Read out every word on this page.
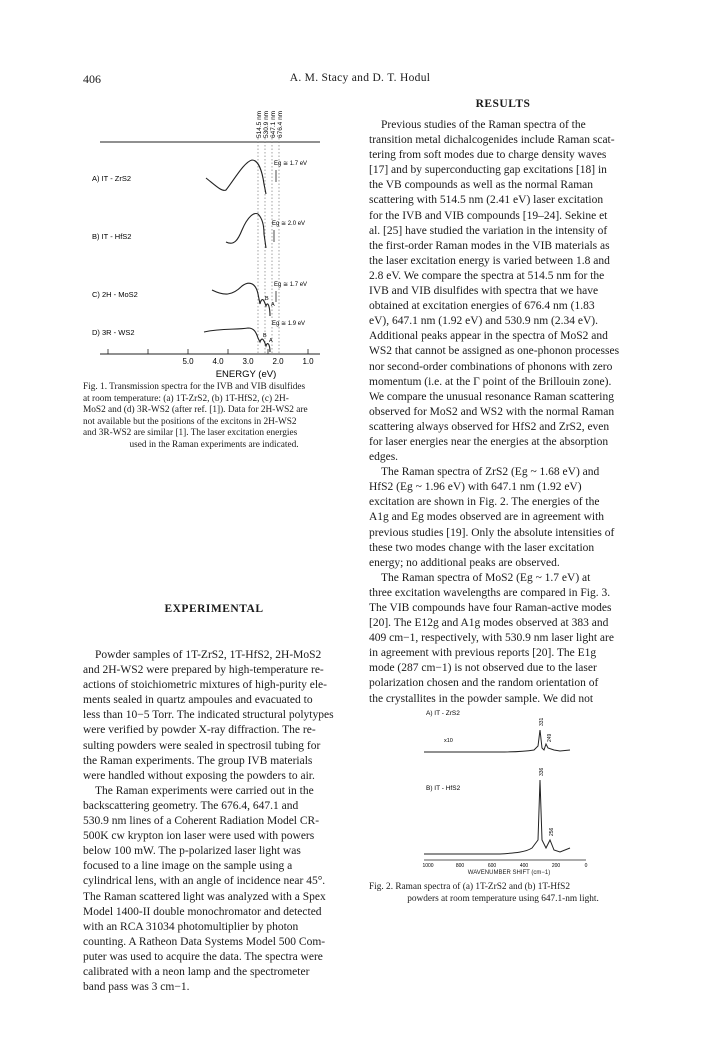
406	A. M. Stacy and D. T. Hodul
514.5 nm 530.9 nm 647.1 nm 676.4 nm
A) IT - ZrS2
Eg ≅ 1.7 eV
B) IT - HfS2
Eg ≅ 2.0 eV
C) 2H - MoS2
Eg ≅ 1.7 eV
B
A
D) 3R - WS2
Eg ≅ 1.9 eV
B
A
5.0 4.0 3.0 2.0 1.0
ENERGY (eV)
Fig. 1. Transmission spectra for the IVB and VIB disulfides
at room temperature: (a) 1T-ZrS2, (b) 1T-HfS2, (c) 2H-
MoS2 and (d) 3R-WS2 (after ref. [1]). Data for 2H-WS2 are
not available but the positions of the excitons in 2H-WS2
and 3R-WS2 are similar [1]. The laser excitation energies
used in the Raman experiments are indicated.
EXPERIMENTAL
Powder samples of 1T-ZrS2, 1T-HfS2, 2H-MoS2
and 2H-WS2 were prepared by high-temperature re-
actions of stoichiometric mixtures of high-purity ele-
ments sealed in quartz ampoules and evacuated to
less than 10−5 Torr. The indicated structural polytypes
were verified by powder X-ray diffraction. The re-
sulting powders were sealed in spectrosil tubing for
the Raman experiments. The group IVB materials
were handled without exposing the powders to air.
The Raman experiments were carried out in the
backscattering geometry. The 676.4, 647.1 and
530.9 nm lines of a Coherent Radiation Model CR-
500K cw krypton ion laser were used with powers
below 100 mW. The p-polarized laser light was
focused to a line image on the sample using a
cylindrical lens, with an angle of incidence near 45°.
The Raman scattered light was analyzed with a Spex
Model 1400-II double monochromator and detected
with an RCA 31034 photomultiplier by photon
counting. A Ratheon Data Systems Model 500 Com-
puter was used to acquire the data. The spectra were
calibrated with a neon lamp and the spectrometer
band pass was 3 cm−1.
RESULTS
Previous studies of the Raman spectra of the
transition metal dichalcogenides include Raman scat-
tering from soft modes due to charge density waves
[17] and by superconducting gap excitations [18] in
the VB compounds as well as the normal Raman
scattering with 514.5 nm (2.41 eV) laser excitation
for the IVB and VIB compounds [19–24]. Sekine et
al. [25] have studied the variation in the intensity of
the first-order Raman modes in the VIB materials as
the laser excitation energy is varied between 1.8 and
2.8 eV. We compare the spectra at 514.5 nm for the
IVB and VIB disulfides with spectra that we have
obtained at excitation energies of 676.4 nm (1.83
eV), 647.1 nm (1.92 eV) and 530.9 nm (2.34 eV).
Additional peaks appear in the spectra of MoS2 and
WS2 that cannot be assigned as one-phonon processes
nor second-order combinations of phonons with zero
momentum (i.e. at the Γ point of the Brillouin zone).
We compare the unusual resonance Raman scattering
observed for MoS2 and WS2 with the normal Raman
scattering always observed for HfS2 and ZrS2, even
for laser energies near the energies at the absorption
edges.
The Raman spectra of ZrS2 (Eg ~ 1.68 eV) and
HfS2 (Eg ~ 1.96 eV) with 647.1 nm (1.92 eV)
excitation are shown in Fig. 2. The energies of the
A1g and Eg modes observed are in agreement with
previous studies [19]. Only the absolute intensities of
these two modes change with the laser excitation
energy; no additional peaks are observed.
The Raman spectra of MoS2 (Eg ~ 1.7 eV) at
three excitation wavelengths are compared in Fig. 3.
The VIB compounds have four Raman-active modes
[20]. The E12g and A1g modes observed at 383 and
409 cm−1, respectively, with 530.9 nm laser light are
in agreement with previous reports [20]. The E1g
mode (287 cm−1) is not observed due to the laser
polarization chosen and the random orientation of
the crystallites in the powder sample. We did not
A) IT - ZrS2
x10
331
249
B) IT - HfS2
336
256
1000	800	600	400	200	0
WAVENUMBER SHIFT (cm−1)
Fig. 2. Raman spectra of (a) 1T-ZrS2 and (b) 1T-HfS2
powders at room temperature using 647.1-nm light.
